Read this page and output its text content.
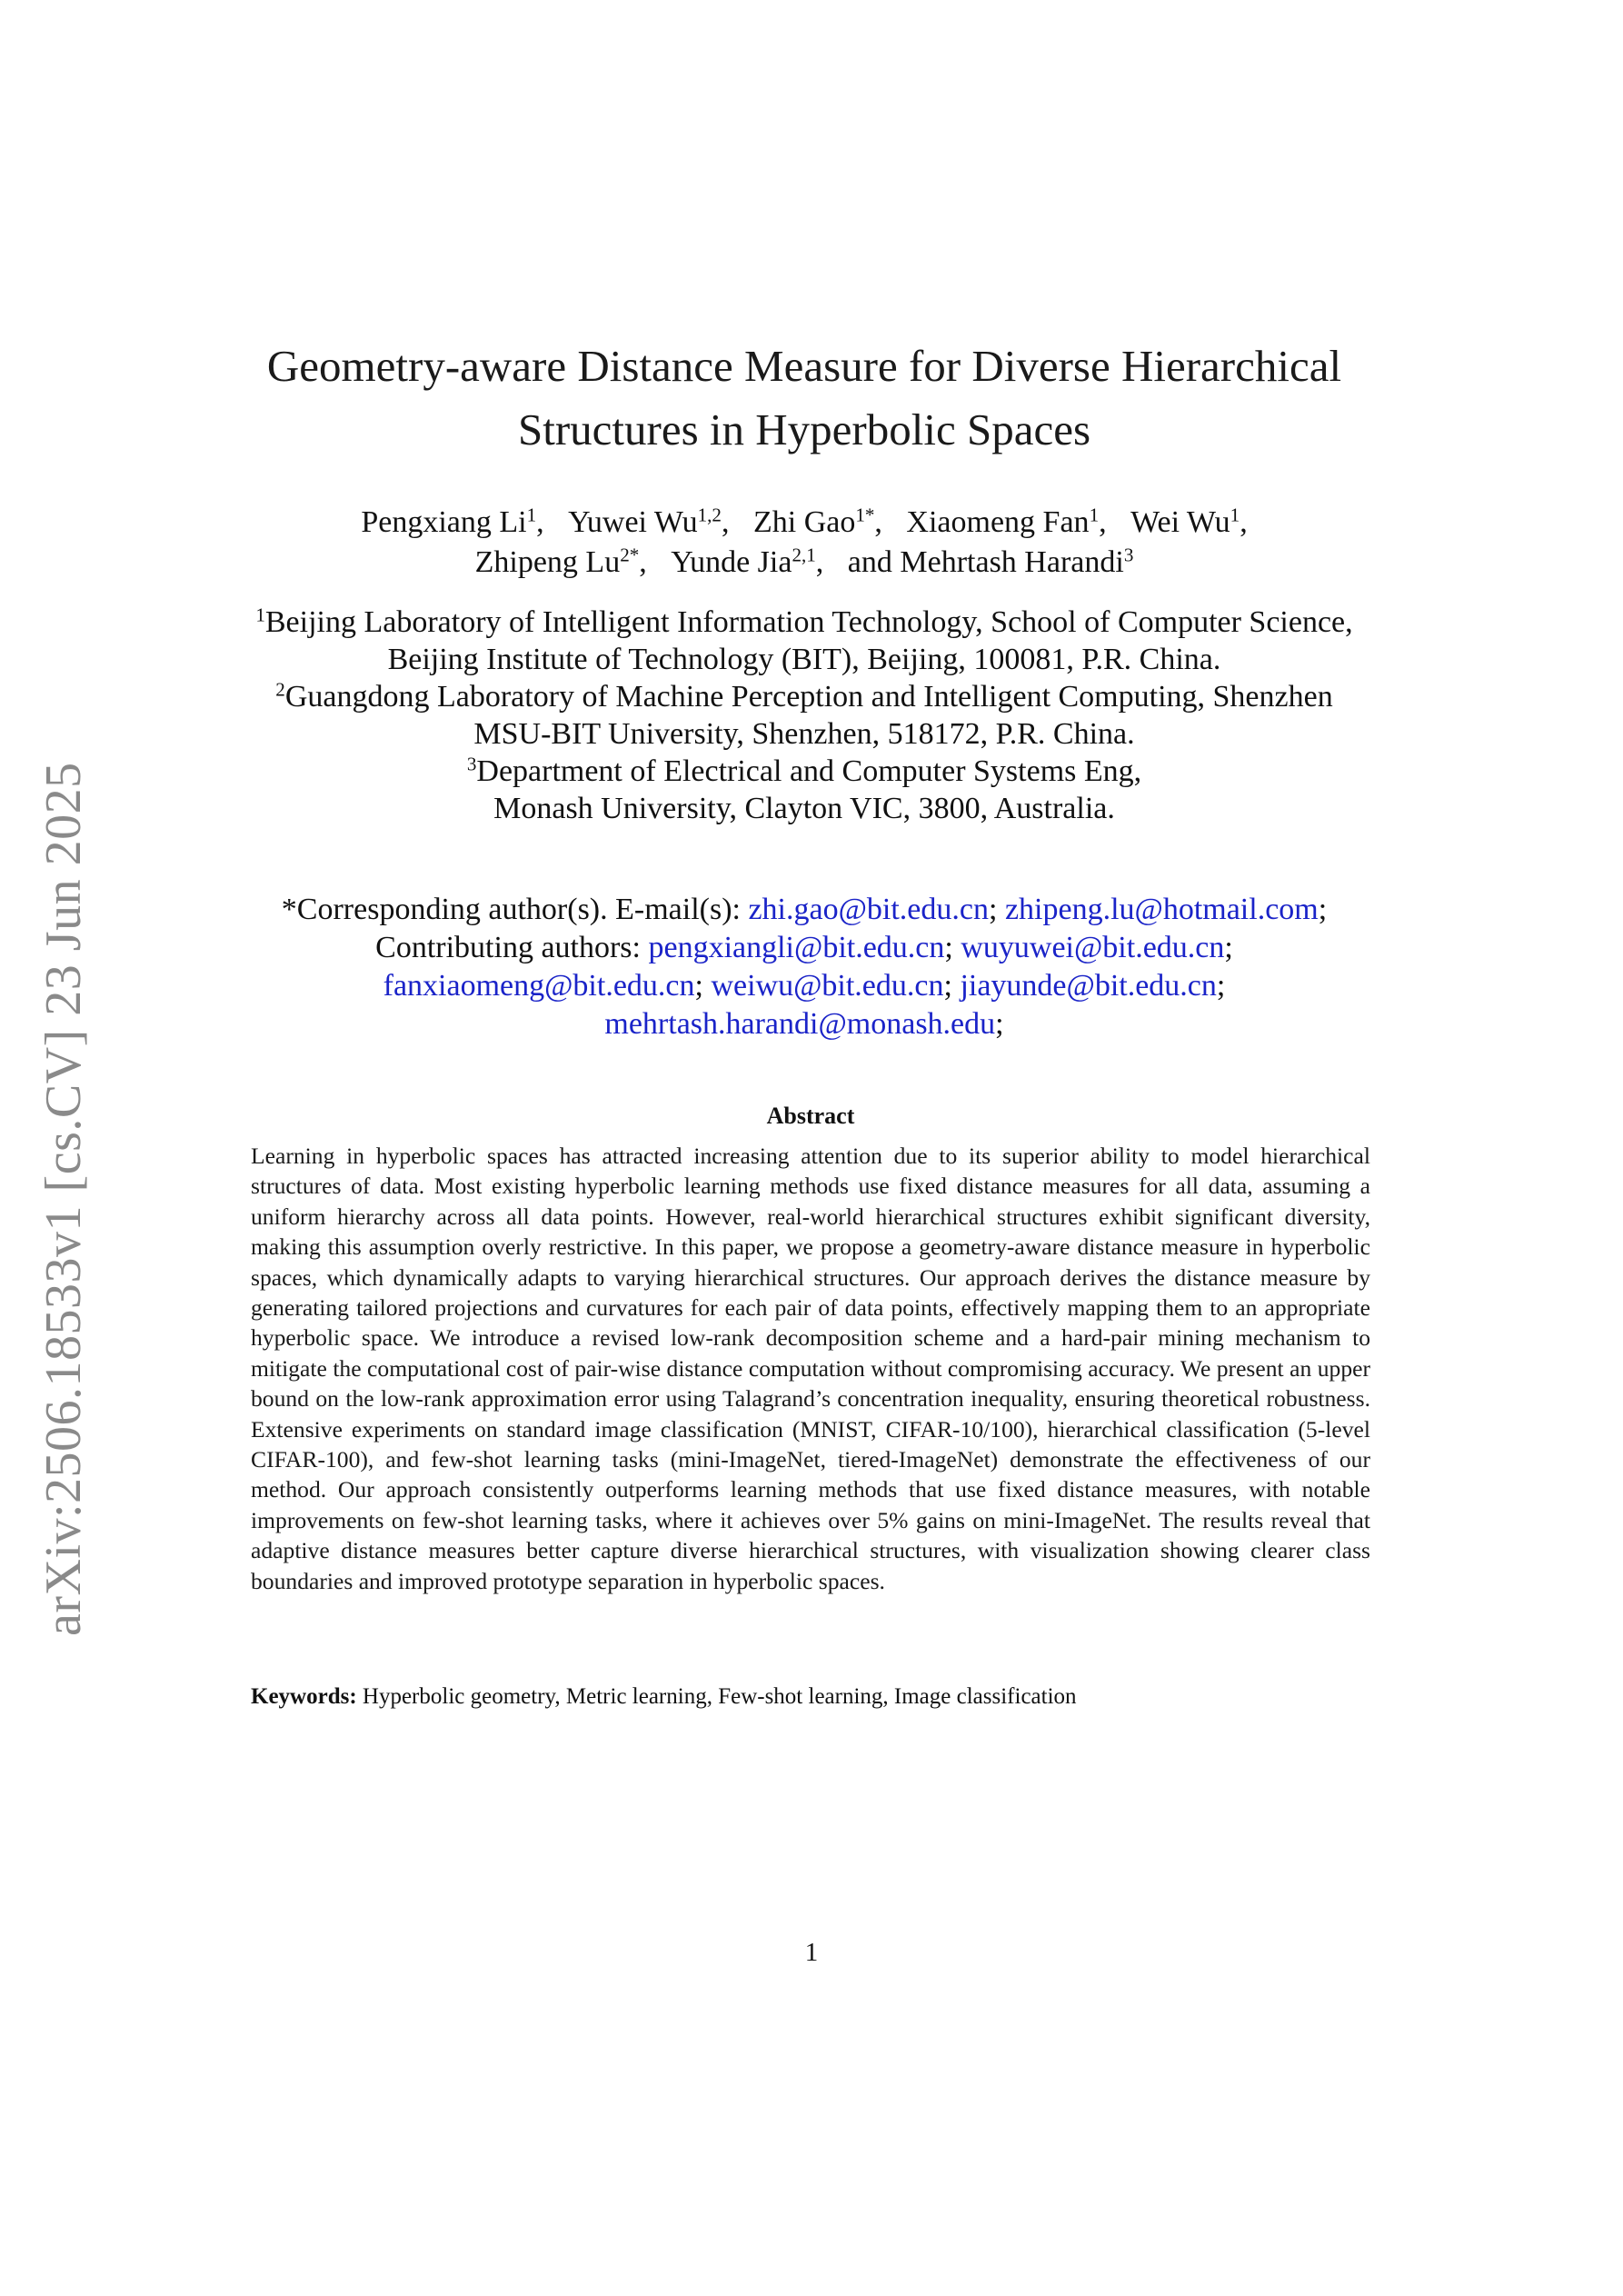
arXiv:2506.18533v1 [cs.CV] 23 Jun 2025
Geometry-aware Distance Measure for Diverse Hierarchical
Structures in Hyperbolic Spaces
Pengxiang Li$^1$, Yuwei Wu$^{1,2}$, Zhi Gao$^{1*}$, Xiaomeng Fan$^1$, Wei Wu$^1$,
Zhipeng $Lu^{2*}$, Yunde Jia$^{2,1}$, and Mehrtash Harandi$^3$
$^1$Beijing Laboratory of Intelligent Information Technology, School of Computer Science,
Beijing Institute of Technology (BIT), Beijing, 100081, P.R. China.
$^2$Guangdong Laboratory of Machine Perception and Intelligent Computing, Shenzhen
MSU-BIT University, Shenzhen, 518172, P.R. China.
$^3$Department of Electrical and Computer Systems Eng,
Monash University, Clayton VIC, 3800, Australia.
*Corresponding author(s). E-mail(s): zhi.gao@bit.edu.cn; zhipeng.lu@hotmail.com;
Contributing authors: pengxiangli@bit.edu.cn; wuyuwei@bit.edu.cn;
fanxiaomeng@bit.edu.cn; weiwu@bit.edu.cn; jiayunde@bit.edu.cn;
mehrtash.harandi@monash.edu;
Abstract

Learning in hyperbolic spaces has attracted increasing attention due to its superior ability to model hierarchical structures of data. Most existing hyperbolic learning methods use fixed distance measures for all data, assuming a uniform hierarchy across all data points. However, real-world hierarchical structures exhibit significant diversity, making this assumption overly restrictive. In this paper, we propose a geometry-aware distance measure in hyperbolic spaces, which dynamically adapts to varying hierarchical structures. Our approach derives the distance measure by generating tailored projections and curvatures for each pair of data points, effectively mapping them to an appropriate hyperbolic space. We introduce a revised low-rank decomposition scheme and a hard-pair mining mechanism to mitigate the computational cost of pair-wise distance computation without compromising accuracy. We present an upper bound on the low-rank approximation error using Talagrand’s concentration inequality, ensuring theoretical robustness. Extensive experiments on standard image classification (MNIST, CIFAR-10/100), hierarchical classification (5-level CIFAR-100), and few-shot learning tasks (mini-ImageNet, tiered-ImageNet) demonstrate the effectiveness of our method. Our approach consistently outperforms learning methods that use fixed distance measures, with notable improvements on few-shot learning tasks, where it achieves over 5% gains on mini-ImageNet. The results reveal that adaptive distance measures better capture diverse hierarchical structures, with visualization showing clearer class boundaries and improved prototype separation in hyperbolic spaces.

Keywords: Hyperbolic geometry, Metric learning, Few-shot learning, Image classification
1
